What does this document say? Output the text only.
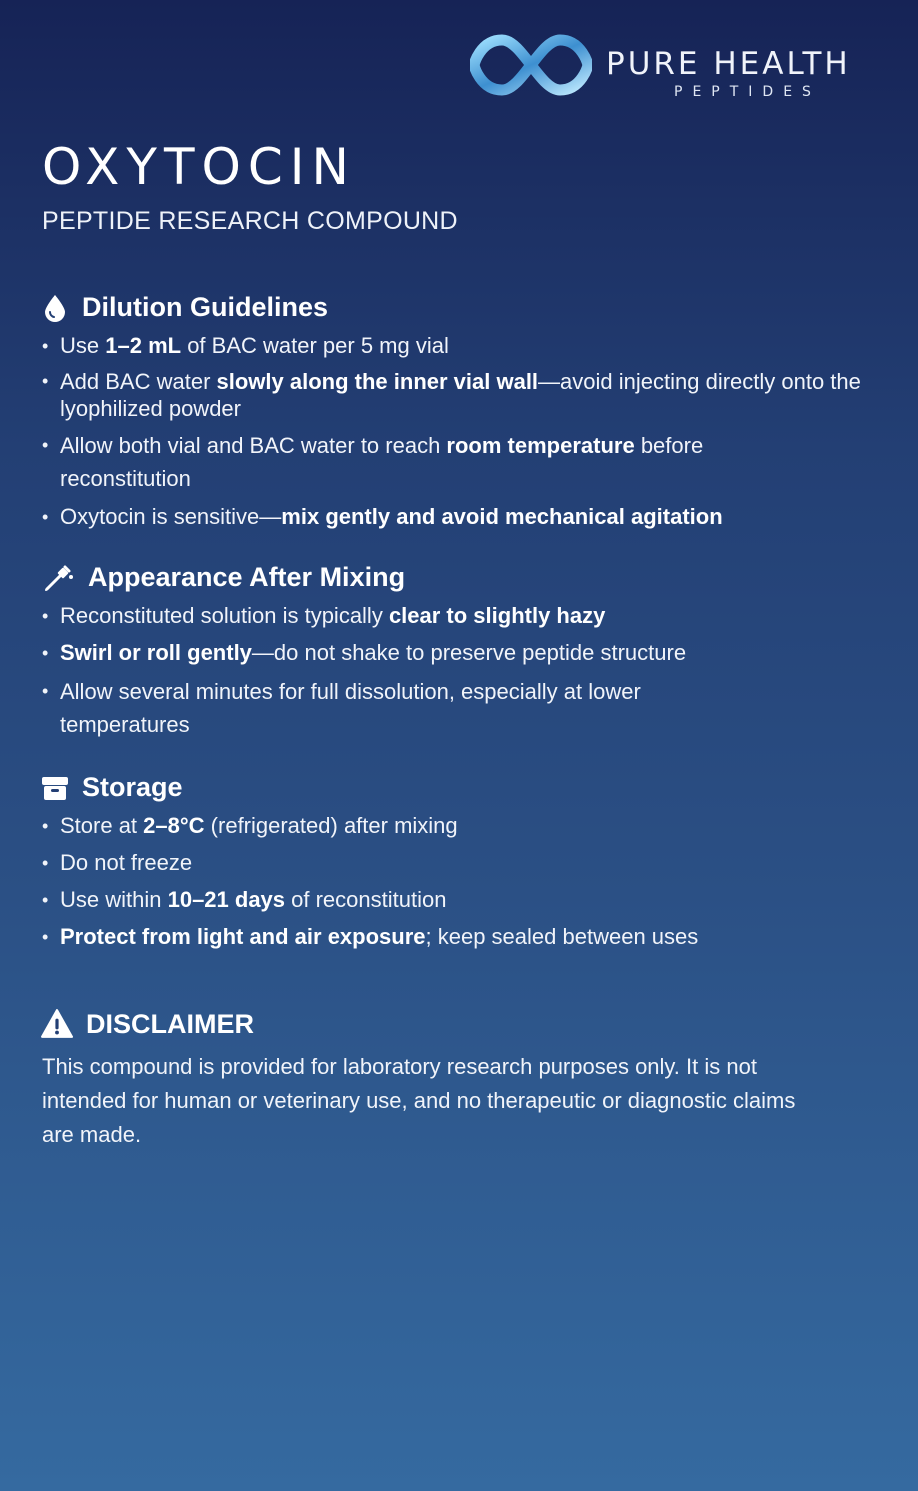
PURE HEALTH
PEPTIDES
OXYTOCIN

PEPTIDE RESEARCH COMPOUND

Dilution Guidelines
• Use 1–2 mL of BAC water per 5 mg vial
• Add BAC water slowly along the inner vial wall—avoid injecting directly onto the lyophilized powder
• Allow both vial and BAC water to reach room temperature before reconstitution
• Oxytocin is sensitive—mix gently and avoid mechanical agitation
Appearance After Mixing
• Reconstituted solution is typically clear to slightly hazy
• Swirl or roll gently—do not shake to preserve peptide structure
• Allow several minutes for full dissolution, especially at lower temperatures
Storage
• Store at 2–8°C (refrigerated) after mixing
• Do not freeze
• Use within 10–21 days of reconstitution
• Protect from light and air exposure; keep sealed between uses
DISCLAIMER

This compound is provided for laboratory research purposes only. It is not intended for human or veterinary use, and no therapeutic or diagnostic claims are made.
